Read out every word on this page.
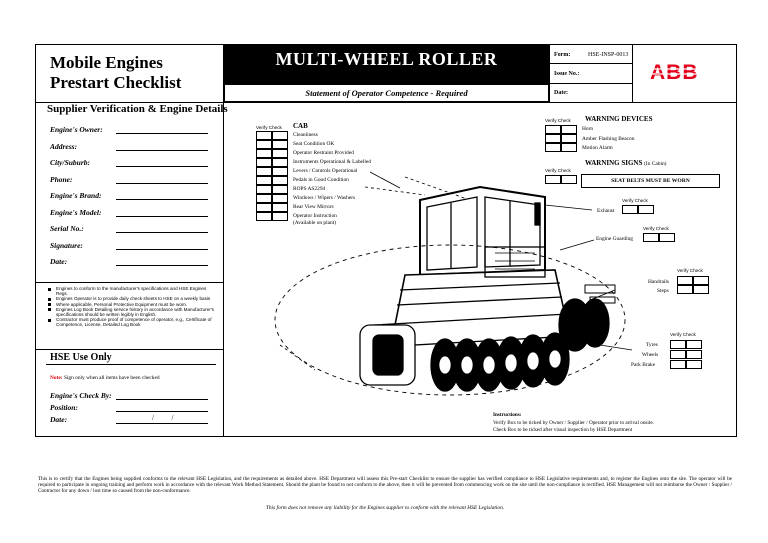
Mobile Engines
Prestart Checklist
MULTI-WHEEL ROLLER
Statement of Operator Competence - Required
Form:	HSE-INSP-0013
Issue No.:
Date:
ABB
Supplier Verification & Engine Details
Engine's Owner:
Address:
City/Suburb:
Phone:
Engine's Brand:
Engine's Model:
Serial No.:
Signature:
Date:
Engines to conform to the manufacturer's specifications and HSE Engines Regs.
Engines Operator is to provide daily check sheets to HSE on a weekly basis
Where applicable, Personal Protective Equipment must be worn.
Engines Log Book Detailing service history in accordance with Manufacturer's specifications should be written legibly in English.
Contractor must produce proof of competence of operator, e.g., Certificate of Competence, License, Detailed Log Book
HSE Use Only
Note: Sign only when all items have been checked
Engine's Check By:
Position:
Date:	/          /
Verify Check CAB
Cleanliness
Seat Condition OK
Operator Restraint Provided
Instruments Operational & Labelled
Levers / Controls Operational
Pedals in Good Condition
ROPS AS2294
Windows / Wipers / Washers
Rear View Mirrors
Operator Instruction
(Available on plant)
Verify Check WARNING DEVICES
Horn
Amber Flashing Beacon
Motion Alarm
WARNING SIGNS (In Cabin)
Verify Check
SEAT BELTS MUST BE WORN
Verify Check
Exhaust
Verify Check
Engine Guarding
Verify Check
Handrails
Steps
Verify Check
Tyres
Wheels
Park Brake
Instructions:
Verify Box to be ticked by Owner / Supplier / Operator prior to arrival onsite.
Check Box to be ticked after visual inspection by HSE Department
This is to certify that the Engines being supplied conforms to the relevant HSE Legislation, and the requirements as detailed above. HSE Department will assess this Pre-start Checklist to ensure the supplier has verified compliance to HSE Legislative requirements and, to register the Engines onto the site. The operator will be required to participate in ongoing training and perform work in accordance with the relevant Work Method Statement. Should the plant be found to not conform to the above, then it will be prevented from commencing work on the site until the non-compliance is rectified. HSE Management will not reimburse the Owner / Supplier / Contractor for any down / lost time so caused from the non-conformance.
This form does not remove any liability for the Engines supplier to conform with the relevant HSE Legislation.
